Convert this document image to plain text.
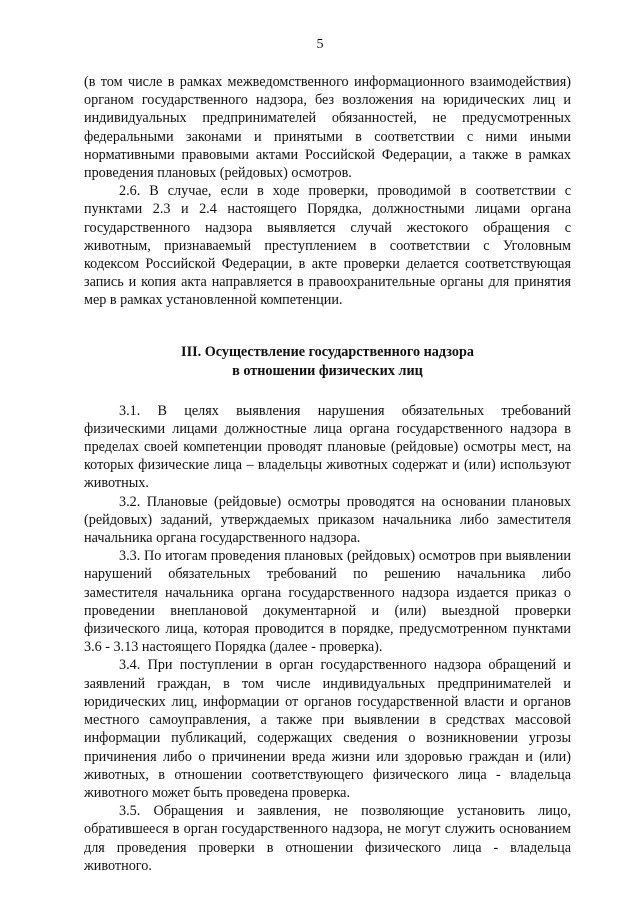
5

(в том числе в рамках межведомственного информационного взаимодействия) органом государственного надзора, без возложения на юридических лиц и индивидуальных предпринимателей обязанностей, не предусмотренных федеральными законами и принятыми в соответствии с ними иными нормативными правовыми актами Российской Федерации, а также в рамках проведения плановых (рейдовых) осмотров.

2.6. В случае, если в ходе проверки, проводимой в соответствии с пунктами 2.3 и 2.4 настоящего Порядка, должностными лицами органа государственного надзора выявляется случай жестокого обращения с животным, признаваемый преступлением в соответствии с Уголовным кодексом Российской Федерации, в акте проверки делается соответствующая запись и копия акта направляется в правоохранительные органы для принятия мер в рамках установленной компетенции.

III. Осуществление государственного надзора
в отношении физических лиц

3.1. В целях выявления нарушения обязательных требований физическими лицами должностные лица органа государственного надзора в пределах своей компетенции проводят плановые (рейдовые) осмотры мест, на которых физические лица – владельцы животных содержат и (или) используют животных.

3.2. Плановые (рейдовые) осмотры проводятся на основании плановых (рейдовых) заданий, утверждаемых приказом начальника либо заместителя начальника органа государственного надзора.

3.3. По итогам проведения плановых (рейдовых) осмотров при выявлении нарушений обязательных требований по решению начальника либо заместителя начальника органа государственного надзора издается приказ о проведении внеплановой документарной и (или) выездной проверки физического лица, которая проводится в порядке, предусмотренном пунктами 3.6 - 3.13 настоящего Порядка (далее - проверка).

3.4. При поступлении в орган государственного надзора обращений и заявлений граждан, в том числе индивидуальных предпринимателей и юридических лиц, информации от органов государственной власти и органов местного самоуправления, а также при выявлении в средствах массовой информации публикаций, содержащих сведения о возникновении угрозы причинения либо о причинении вреда жизни или здоровью граждан и (или) животных, в отношении соответствующего физического лица - владельца животного может быть проведена проверка.

3.5. Обращения и заявления, не позволяющие установить лицо, обратившееся в орган государственного надзора, не могут служить основанием для проведения проверки в отношении физического лица - владельца животного.
